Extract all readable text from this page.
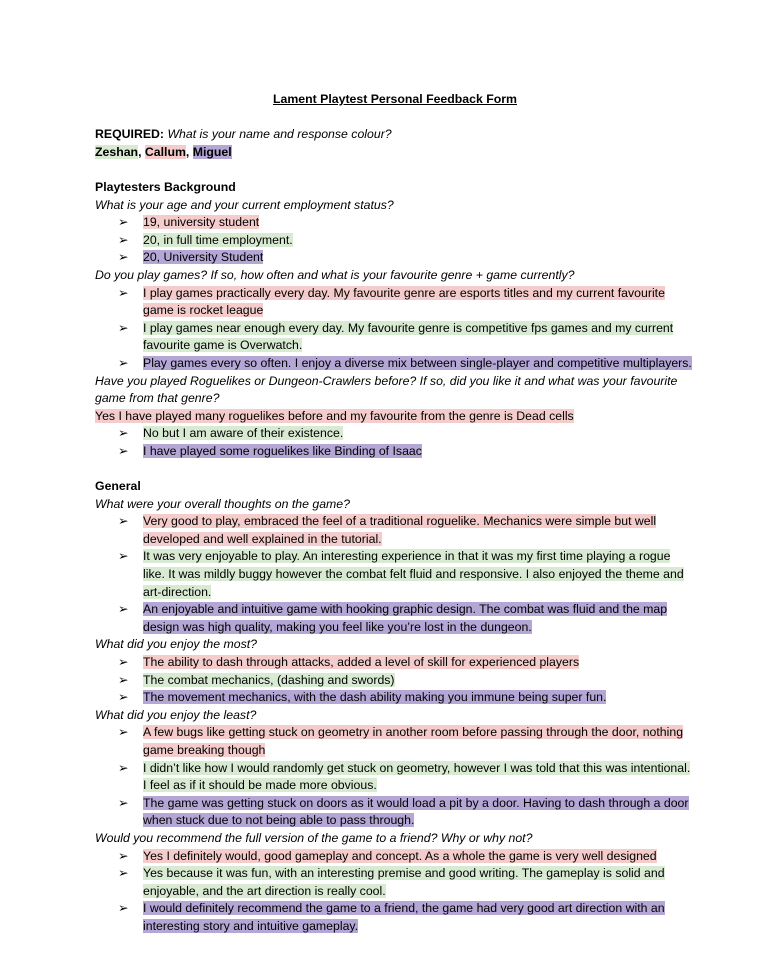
Lament Playtest Personal Feedback Form
REQUIRED: What is your name and response colour?
Zeshan, Callum, Miguel
Playtesters Background
What is your age and your current employment status?
➢ 19, university student
➢ 20, in full time employment.
➢ 20, University Student
Do you play games? If so, how often and what is your favourite genre + game currently?
➢ I play games practically every day. My favourite genre are esports titles and my current favourite game is rocket league
➢ I play games near enough every day. My favourite genre is competitive fps games and my current favourite game is Overwatch.
➢ Play games every so often. I enjoy a diverse mix between single-player and competitive multiplayers.
Have you played Roguelikes or Dungeon-Crawlers before? If so, did you like it and what was your favourite game from that genre?
Yes I have played many roguelikes before and my favourite from the genre is Dead cells
➢ No but I am aware of their existence.
➢ I have played some roguelikes like Binding of Isaac
General
What were your overall thoughts on the game?
➢ Very good to play, embraced the feel of a traditional roguelike. Mechanics were simple but well developed and well explained in the tutorial.
➢ It was very enjoyable to play. An interesting experience in that it was my first time playing a rogue like. It was mildly buggy however the combat felt fluid and responsive. I also enjoyed the theme and art-direction.
➢ An enjoyable and intuitive game with hooking graphic design. The combat was fluid and the map design was high quality, making you feel like you’re lost in the dungeon.
What did you enjoy the most?
➢ The ability to dash through attacks, added a level of skill for experienced players
➢ The combat mechanics, (dashing and swords)
➢ The movement mechanics, with the dash ability making you immune being super fun.
What did you enjoy the least?
➢ A few bugs like getting stuck on geometry in another room before passing through the door, nothing game breaking though
➢ I didn’t like how I would randomly get stuck on geometry, however I was told that this was intentional. I feel as if it should be made more obvious.
➢ The game was getting stuck on doors as it would load a pit by a door. Having to dash through a door when stuck due to not being able to pass through.
Would you recommend the full version of the game to a friend? Why or why not?
➢ Yes I definitely would, good gameplay and concept. As a whole the game is very well designed
➢ Yes because it was fun, with an interesting premise and good writing. The gameplay is solid and enjoyable, and the art direction is really cool.
➢ I would definitely recommend the game to a friend, the game had very good art direction with an interesting story and intuitive gameplay.
